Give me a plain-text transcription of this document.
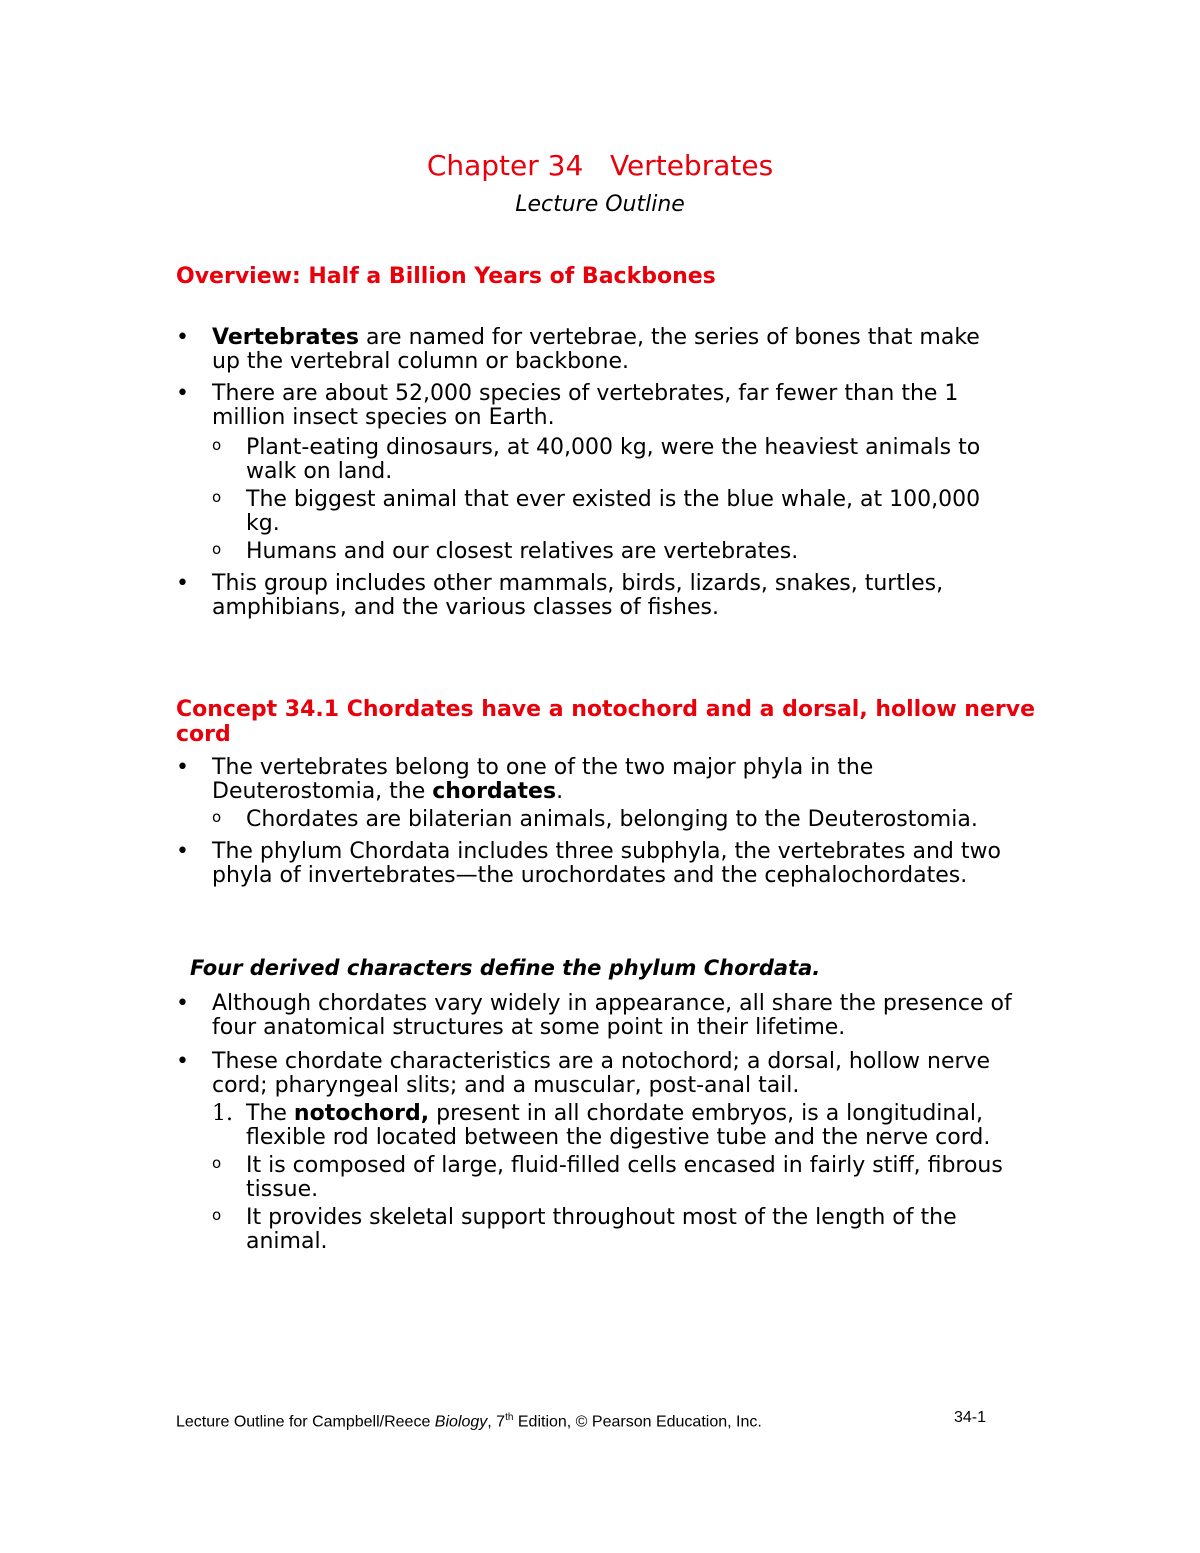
Chapter 34   Vertebrates
Lecture Outline
Overview: Half a Billion Years of Backbones
• Vertebrates are named for vertebrae, the series of bones that make up the vertebral column or backbone.
• There are about 52,000 species of vertebrates, far fewer than the 1 million insect species on Earth.
o Plant-eating dinosaurs, at 40,000 kg, were the heaviest animals to walk on land.
o The biggest animal that ever existed is the blue whale, at 100,000 kg.
o Humans and our closest relatives are vertebrates.
• This group includes other mammals, birds, lizards, snakes, turtles, amphibians, and the various classes of fishes.
Concept 34.1 Chordates have a notochord and a dorsal, hollow nerve cord
• The vertebrates belong to one of the two major phyla in the Deuterostomia, the chordates.
o Chordates are bilaterian animals, belonging to the Deuterostomia.
• The phylum Chordata includes three subphyla, the vertebrates and two phyla of invertebrates—the urochordates and the cephalochordates.
Four derived characters define the phylum Chordata.
• Although chordates vary widely in appearance, all share the presence of four anatomical structures at some point in their lifetime.
• These chordate characteristics are a notochord; a dorsal, hollow nerve cord; pharyngeal slits; and a muscular, post-anal tail.
1. The notochord, present in all chordate embryos, is a longitudinal, flexible rod located between the digestive tube and the nerve cord.
o It is composed of large, fluid-filled cells encased in fairly stiff, fibrous tissue.
o It provides skeletal support throughout most of the length of the animal.
Lecture Outline for Campbell/Reece Biology, 7th Edition, © Pearson Education, Inc.	34-1
